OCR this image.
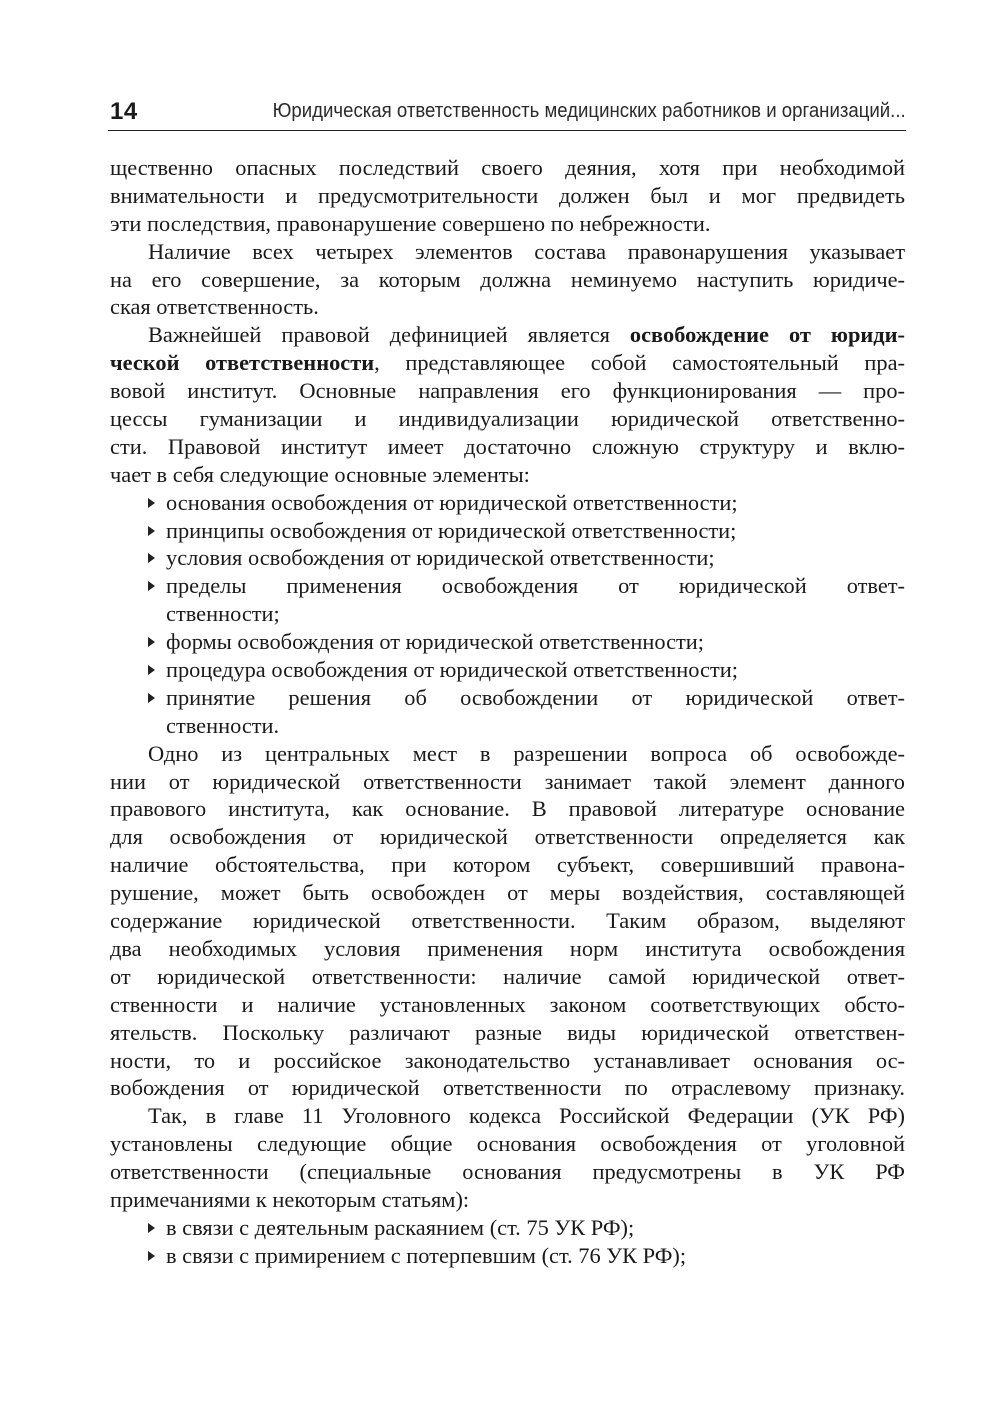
14	Юридическая ответственность медицинских работников и организаций...
щественно опасных последствий своего деяния, хотя при необходимой
внимательности и предусмотрительности должен был и мог предвидеть
эти последствия, правонарушение совершено по небрежности.
Наличие всех четырех элементов состава правонарушения указывает
на его совершение, за которым должна неминуемо наступить юридиче-
ская ответственность.
Важнейшей правовой дефиницией является освобождение от юриди-
ческой ответственности, представляющее собой самостоятельный пра-
вовой институт. Основные направления его функционирования — про-
цессы гуманизации и индивидуализации юридической ответственно-
сти. Правовой институт имеет достаточно сложную структуру и вклю-
чает в себя следующие основные элементы:
основания освобождения от юридической ответственности;
принципы освобождения от юридической ответственности;
условия освобождения от юридической ответственности;
пределы применения освобождения от юридической ответ-
ственности;
формы освобождения от юридической ответственности;
процедура освобождения от юридической ответственности;
принятие решения об освобождении от юридической ответ-
ственности.
Одно из центральных мест в разрешении вопроса об освобожде-
нии от юридической ответственности занимает такой элемент данного
правового института, как основание. В правовой литературе основание
для освобождения от юридической ответственности определяется как
наличие обстоятельства, при котором субъект, совершивший правона-
рушение, может быть освобожден от меры воздействия, составляющей
содержание юридической ответственности. Таким образом, выделяют
два необходимых условия применения норм института освобождения
от юридической ответственности: наличие самой юридической ответ-
ственности и наличие установленных законом соответствующих обсто-
ятельств. Поскольку различают разные виды юридической ответствен-
ности, то и российское законодательство устанавливает основания ос-
вобождения от юридической ответственности по отраслевому признаку.
Так, в главе 11 Уголовного кодекса Российской Федерации (УК РФ)
установлены следующие общие основания освобождения от уголовной
ответственности (специальные основания предусмотрены в УК РФ
примечаниями к некоторым статьям):
в связи с деятельным раскаянием (ст. 75 УК РФ);
в связи с примирением с потерпевшим (ст. 76 УК РФ);
